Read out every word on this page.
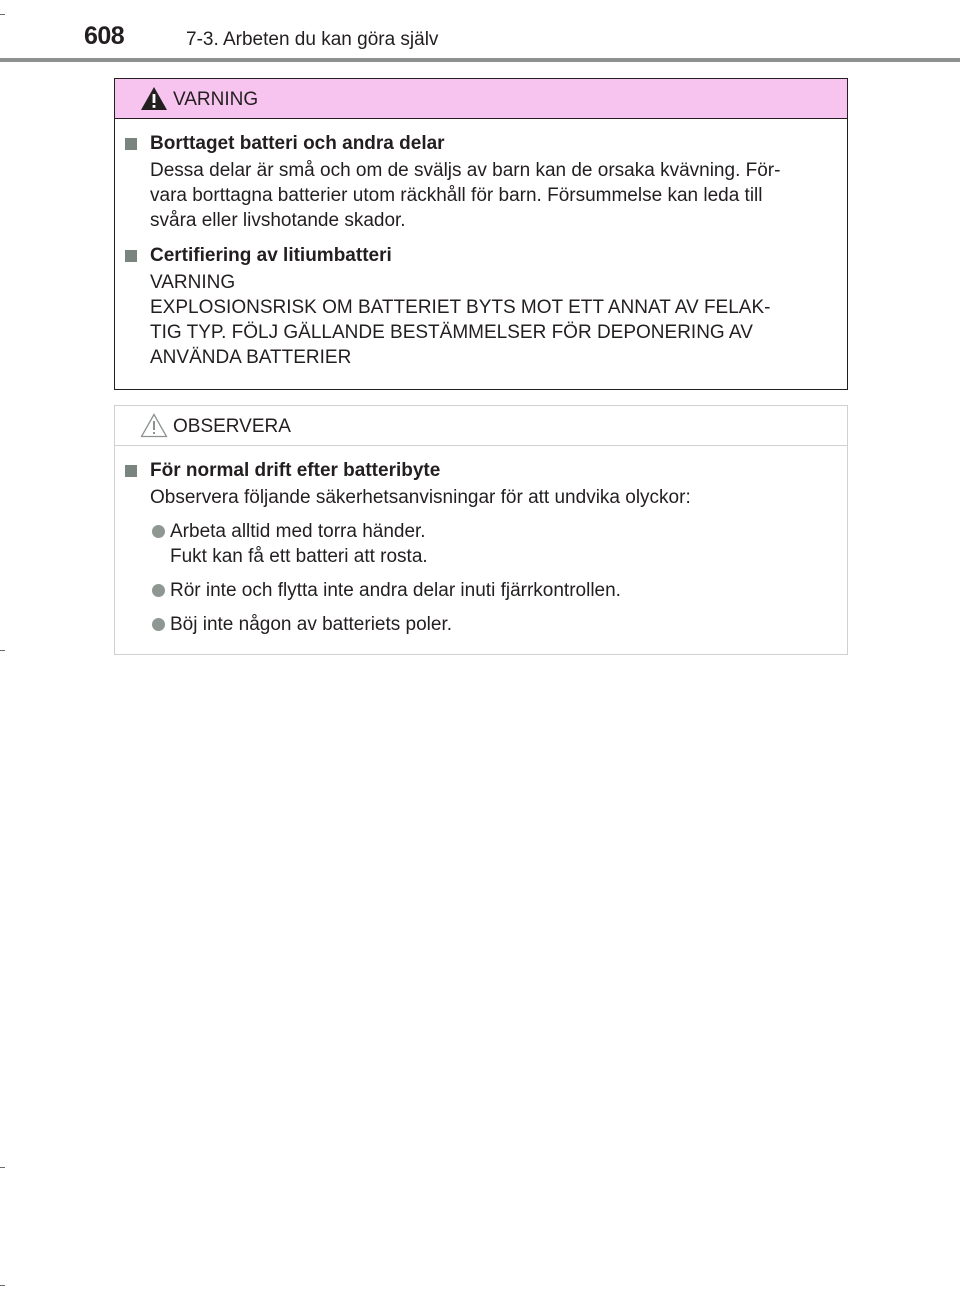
608	7-3. Arbeten du kan göra själv
VARNING
Borttaget batteri och andra delar
Dessa delar är små och om de sväljs av barn kan de orsaka kvävning. För-
vara borttagna batterier utom räckhåll för barn. Försummelse kan leda till
svåra eller livshotande skador.
Certifiering av litiumbatteri
VARNING
EXPLOSIONSRISK OM BATTERIET BYTS MOT ETT ANNAT AV FELAK-
TIG TYP. FÖLJ GÄLLANDE BESTÄMMELSER FÖR DEPONERING AV
ANVÄNDA BATTERIER
OBSERVERA
För normal drift efter batteribyte
Observera följande säkerhetsanvisningar för att undvika olyckor:
Arbeta alltid med torra händer.
Fukt kan få ett batteri att rosta.
Rör inte och flytta inte andra delar inuti fjärrkontrollen.
Böj inte någon av batteriets poler.
